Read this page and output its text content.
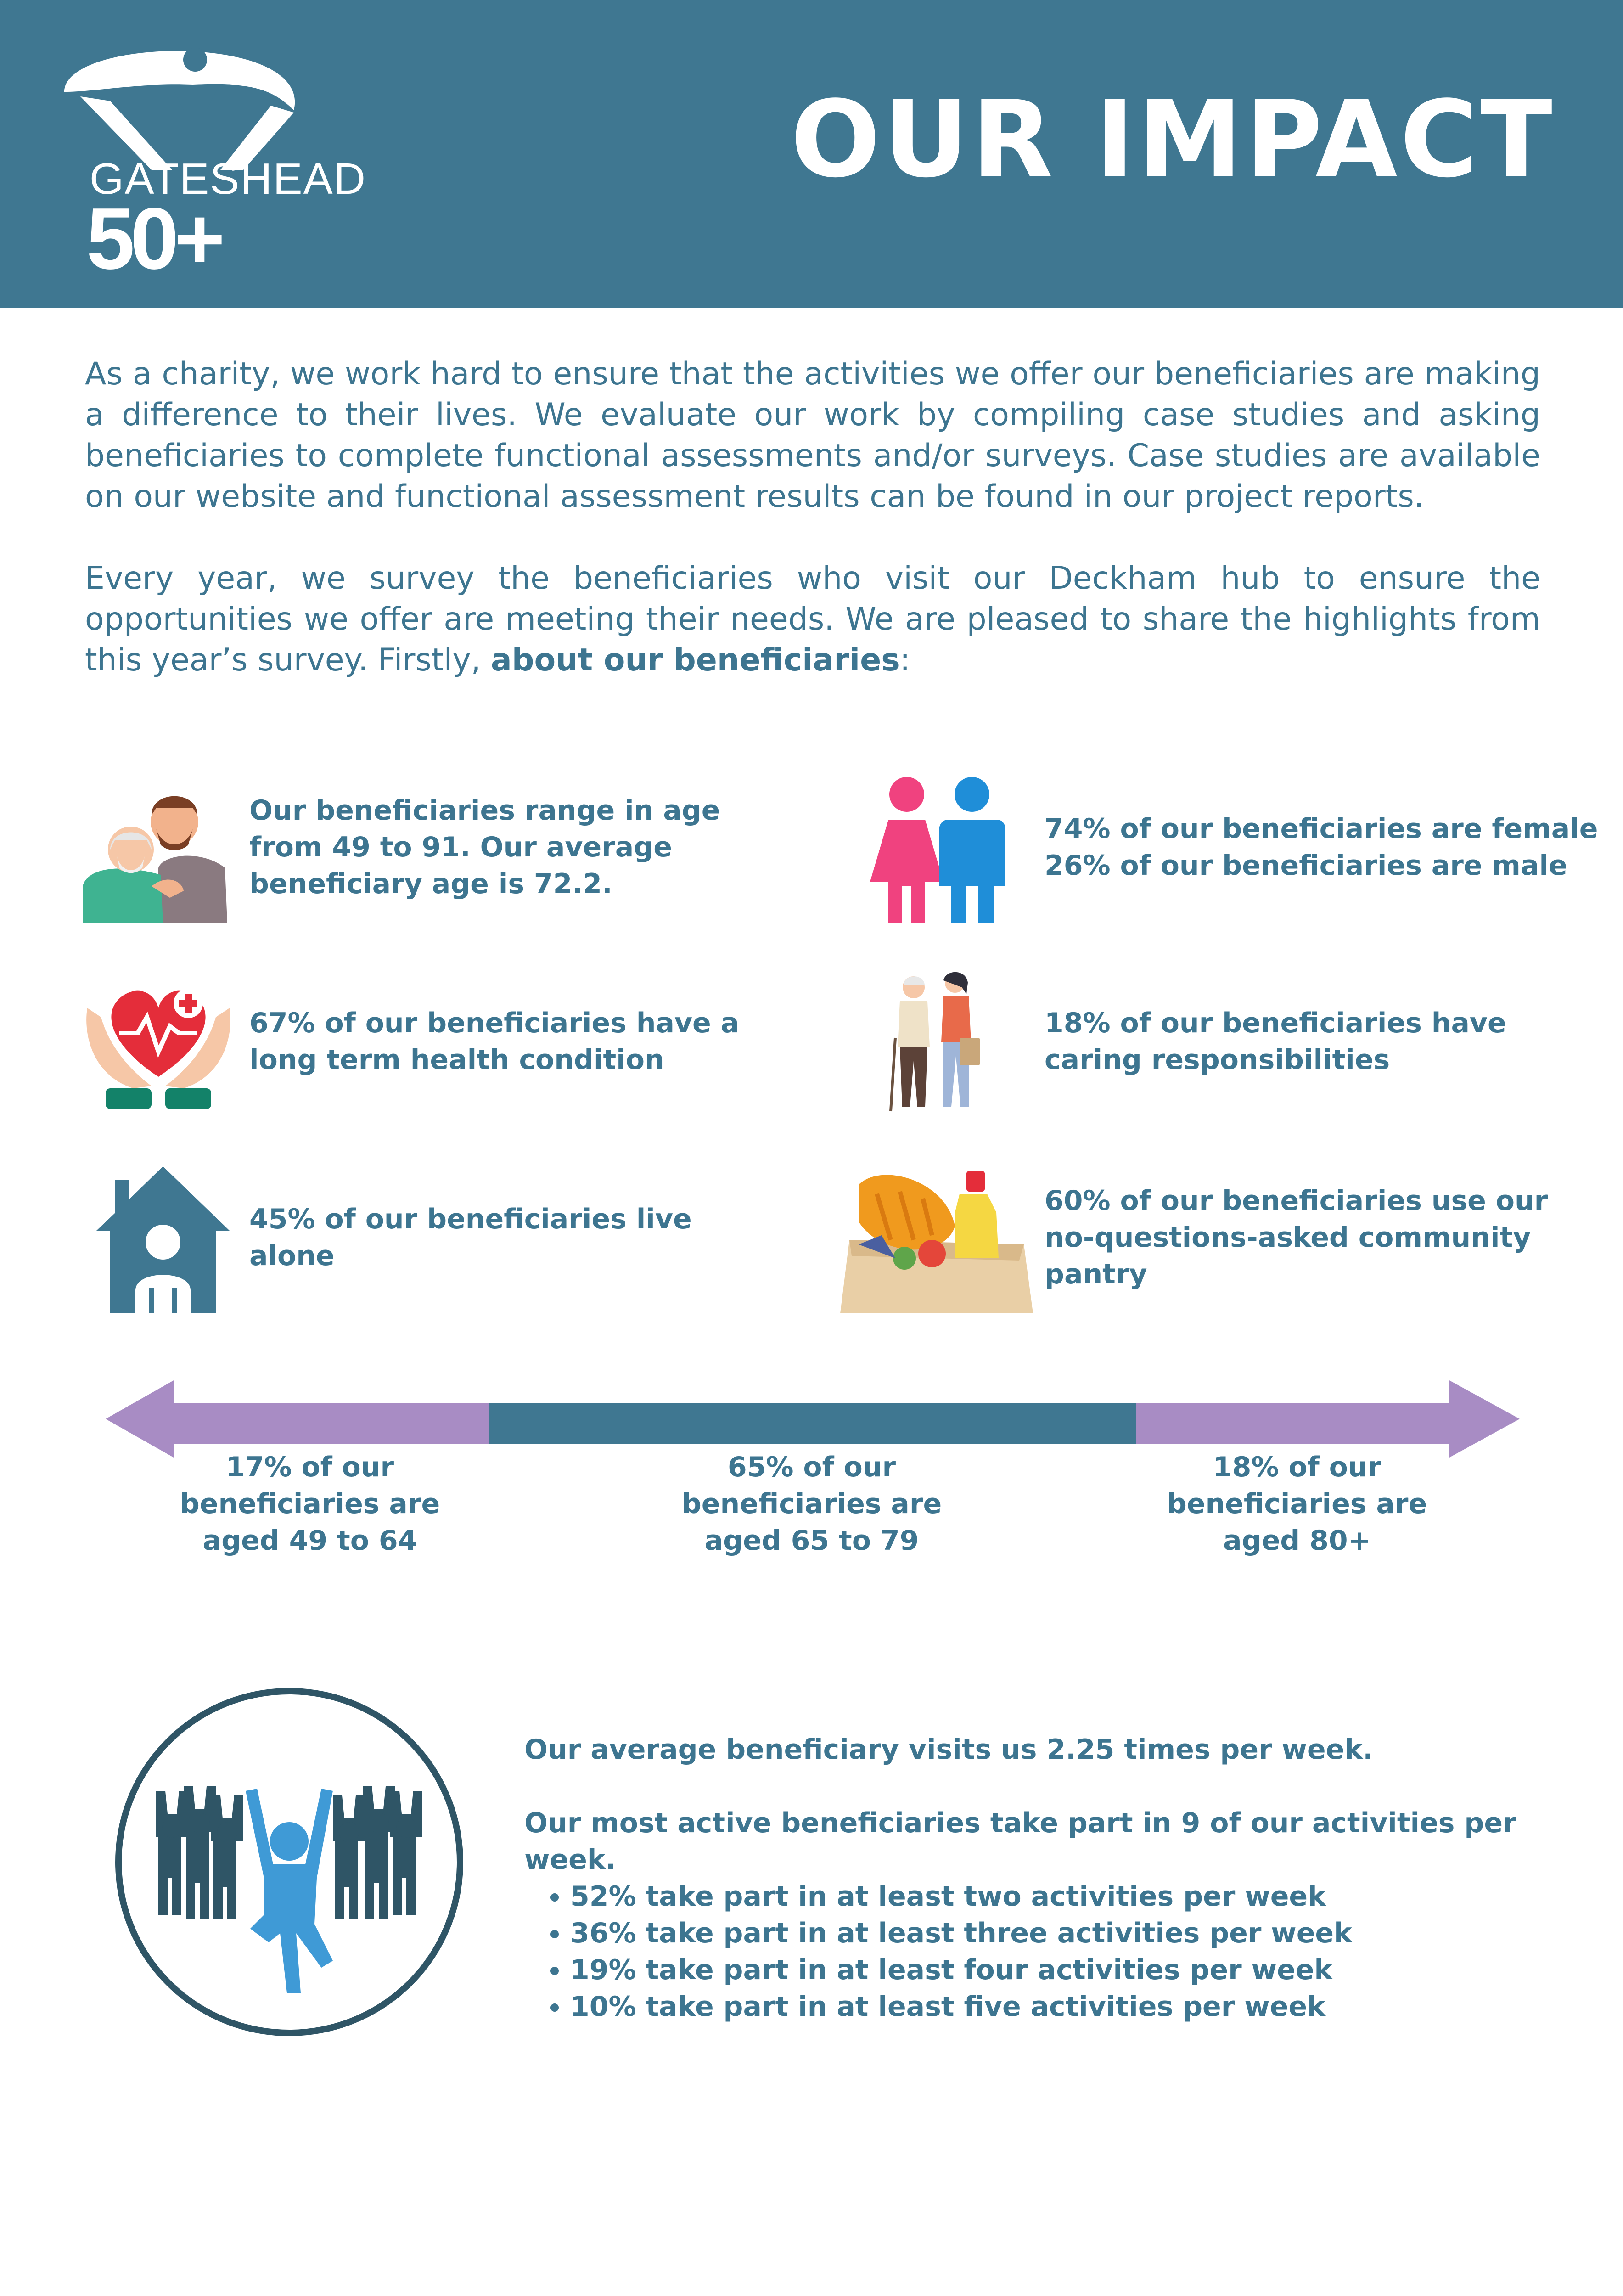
GATESHEAD
50+
OUR IMPACT

As a charity, we work hard to ensure that the activities we offer our beneficiaries are making a difference to their lives. We evaluate our work by compiling case studies and asking beneficiaries to complete functional assessments and/or surveys. Case studies are available on our website and functional assessment results can be found in our project reports.

Every year, we survey the beneficiaries who visit our Deckham hub to ensure the opportunities we offer are meeting their needs. We are pleased to share the highlights from this year’s survey. Firstly, about our beneficiaries:

Our beneficiaries range in age
from 49 to 91. Our average
beneficiary age is 72.2.
74% of our beneficiaries are female
26% of our beneficiaries are male
67% of our beneficiaries have a
long term health condition
18% of our beneficiaries have
caring responsibilities
45% of our beneficiaries live
alone
60% of our beneficiaries use our
no-questions-asked community
pantry
17% of our
beneficiaries are
aged 49 to 64
65% of our
beneficiaries are
aged 65 to 79
18% of our
beneficiaries are
aged 80+
Our average beneficiary visits us 2.25 times per week.
Our most active beneficiaries take part in 9 of our activities per week.
• 52% take part in at least two activities per week
• 36% take part in at least three activities per week
• 19% take part in at least four activities per week
• 10% take part in at least five activities per week
